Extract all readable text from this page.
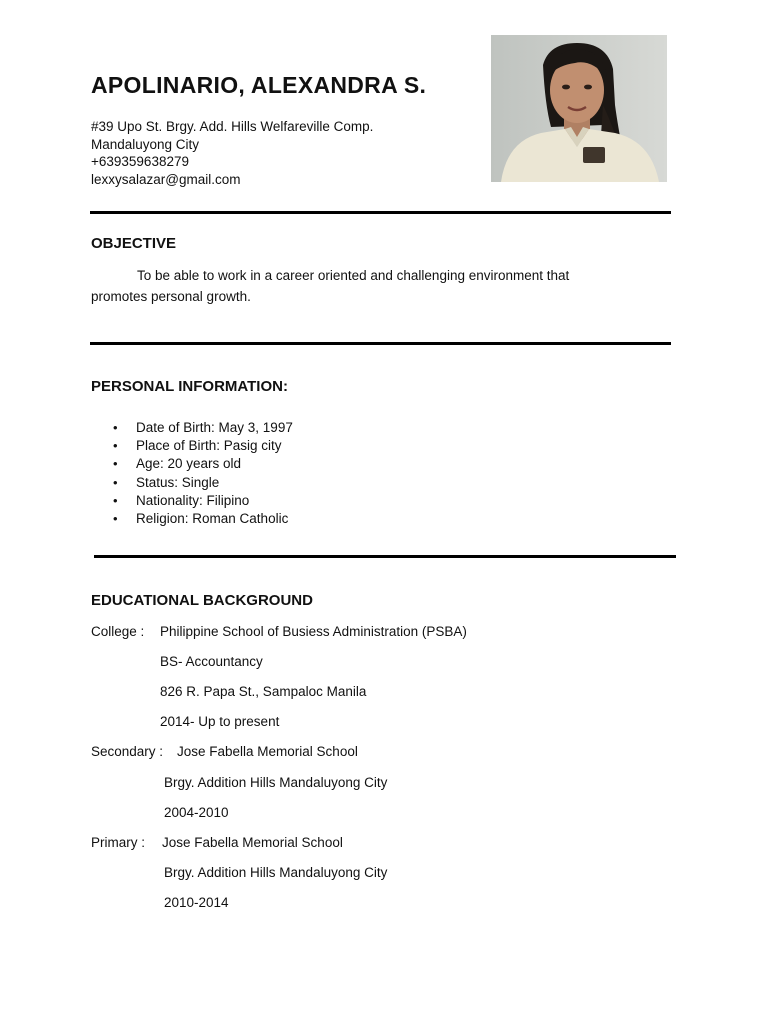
APOLINARIO, ALEXANDRA S.
#39 Upo St. Brgy. Add. Hills Welfareville Comp.
Mandaluyong City
+639359638279
lexxysalazar@gmail.com
OBJECTIVE
To be able to work in a career oriented and challenging environment that
promotes personal growth.
PERSONAL INFORMATION:
• Date of Birth: May 3, 1997
• Place of Birth: Pasig city
• Age: 20 years old
• Status: Single
• Nationality: Filipino
• Religion: Roman Catholic
EDUCATIONAL BACKGROUND
College : Philippine School of Busiess Administration (PSBA)
BS- Accountancy
826 R. Papa St., Sampaloc Manila
2014- Up to present
Secondary : Jose Fabella Memorial School
Brgy. Addition Hills Mandaluyong City
2004-2010
Primary : Jose Fabella Memorial School
Brgy. Addition Hills Mandaluyong City
2010-2014
